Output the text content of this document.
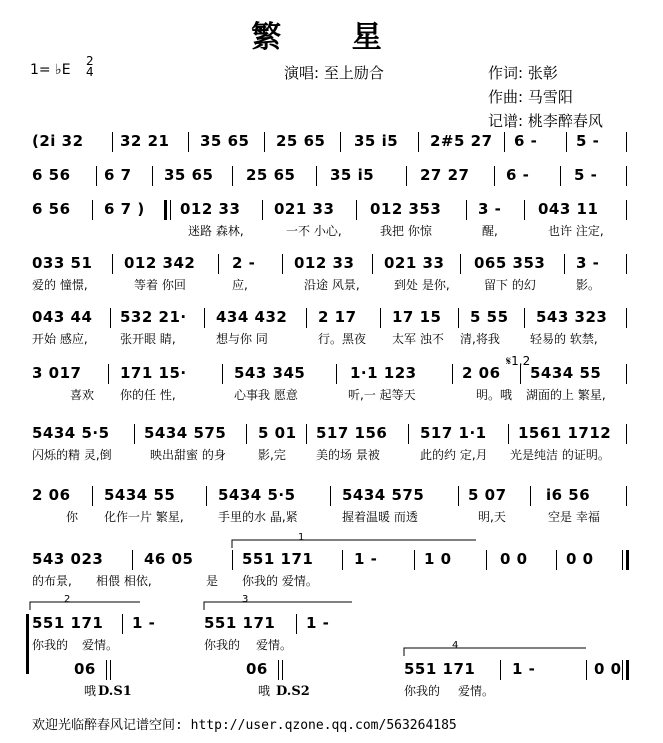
繁 星
1= ♭E
2
4	演唱: 至上励合	作词: 张彰
作曲: 马雪阳
记谱: 桃李醉春风
(2i 32 32 21 35 65 25 65 35 i5 2#5 27 6 -	5 -
6 56 6 7 35 65 25 65 35 i5	27 27 6 -	5 -
6 56 6 7 ) 012 33
迷路 森林,
021 33
一不 小心,
012 353
我把 你惊
3 -
醒,
043 11
也许 注定,
033 51
爱的 憧憬,
012 342
等着 你回
2 -
应,
012 33
沿途 风景,
021 33
到处 是你,
065 353
留下 的幻
3 -
影。
043 44
开始 感应,
532 21·
张开眼 睛,
434 432
想与你 同
2 17
行。黑夜
17 15
太军 浊不
5 55
清,将我
543 323
轻易的 软禁,
3 017
喜欢
171 15·
你的任 性,
543 345
心事我 愿意
1·1 123
听,一 起等天
2 06
明。哦
5434 55
湖面的上 繁星,
5434 5·5
闪烁的精 灵,倒
5434 575
映出甜蜜 的身
5 01
影,完
517 156
美的场 景被
517 1·1
此的约 定,月
1561 1712
光是纯洁 的证明。
2 06
你
5434 55
化作一片 繁星,
5434 5·5
手里的水 晶,紧
5434 575
握着温暖 而透
5 07
明,天
i6 56
空是 幸福
543 023
的布景,
46 05
相偎 相依,
551 171
是 你我的 爱情。
1 -	1 0	0 0	0 0
551 171
你我的 爱情。
1 -	551 171
你我的 爱情。
1 -
06
哦 D.S1
06
哦 D.S2
551 171
你我的 爱情。
1 -	0 0
1
2	3
4
𝄋1.2
欢迎光临醉春风记谱空间: http://user.qzone.qq.com/563264185
